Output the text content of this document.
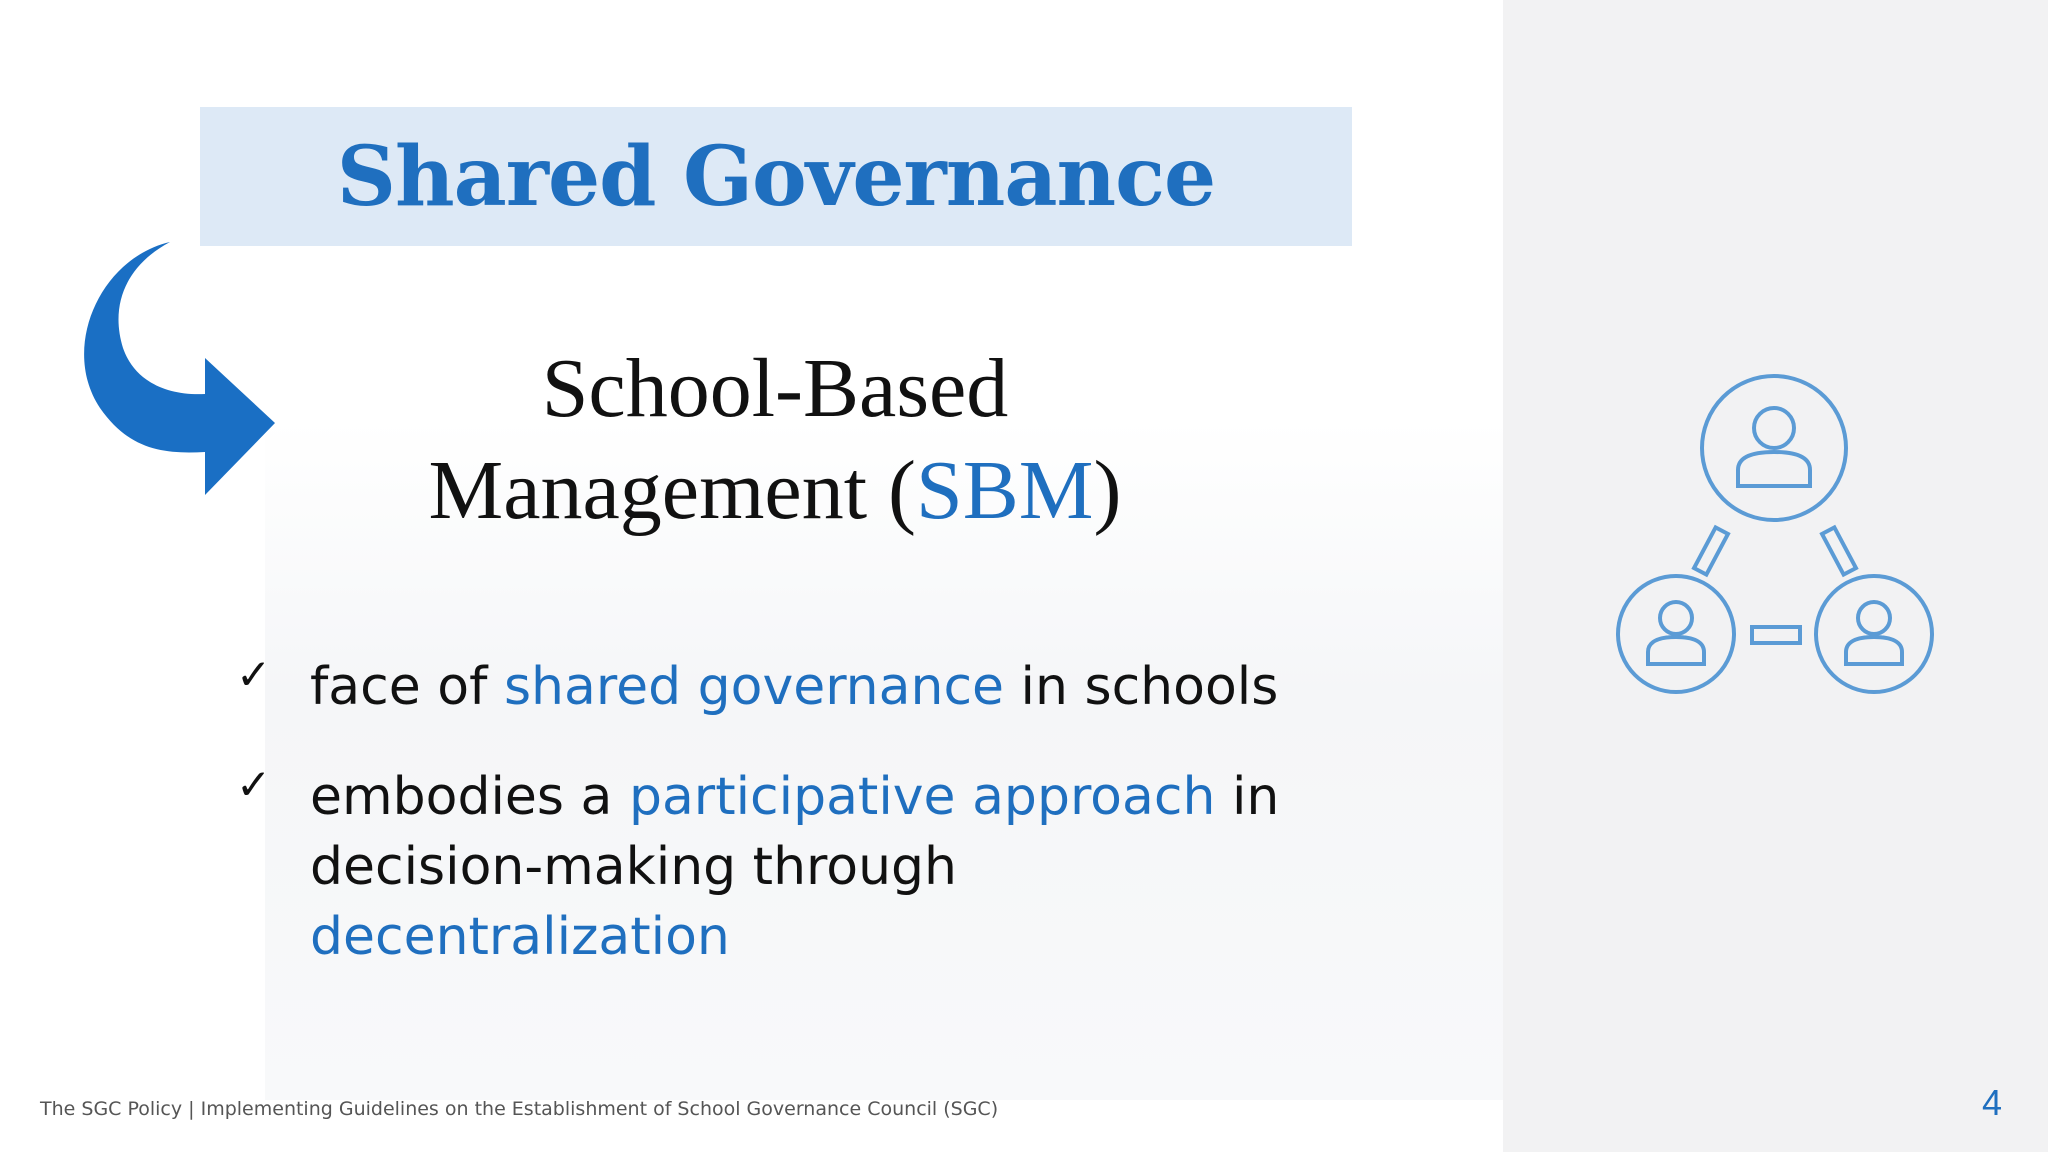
Shared Governance
School-Based
Management (SBM)
✓ face of shared governance in schools
✓ embodies a participative approach in decision-making through decentralization
The SGC Policy | Implementing Guidelines on the Establishment of School Governance Council (SGC)	4
